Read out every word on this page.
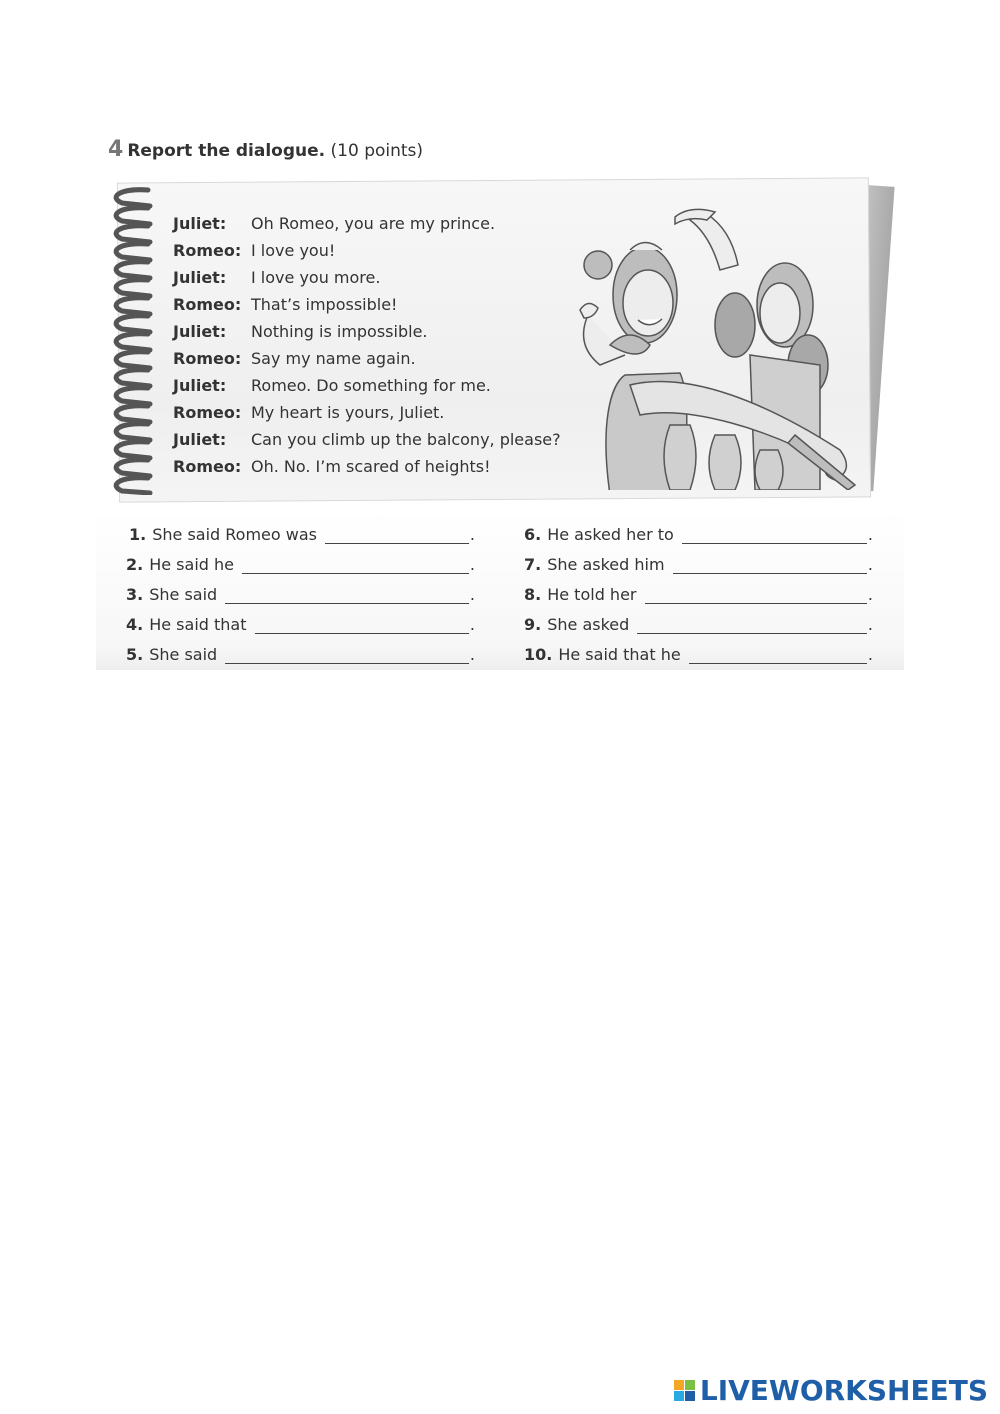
4 Report the dialogue. (10 points)
Juliet:	Oh Romeo, you are my prince.
Romeo: I love you!
Juliet:	I love you more.
Romeo: That’s impossible!
Juliet:	Nothing is impossible.
Romeo: Say my name again.
Juliet:	Romeo. Do something for me.
Romeo: My heart is yours, Juliet.
Juliet:	Can you climb up the balcony, please?
Romeo: Oh. No. I’m scared of heights!
1. She said Romeo was	.
2. He said he	.
3. She said	.
4. He said that	.
5. She said	.
6. He asked her to	.
7. She asked him	.
8. He told her	.
9. She asked	.
10. He said that he	.
LIVEWORKSHEETS
